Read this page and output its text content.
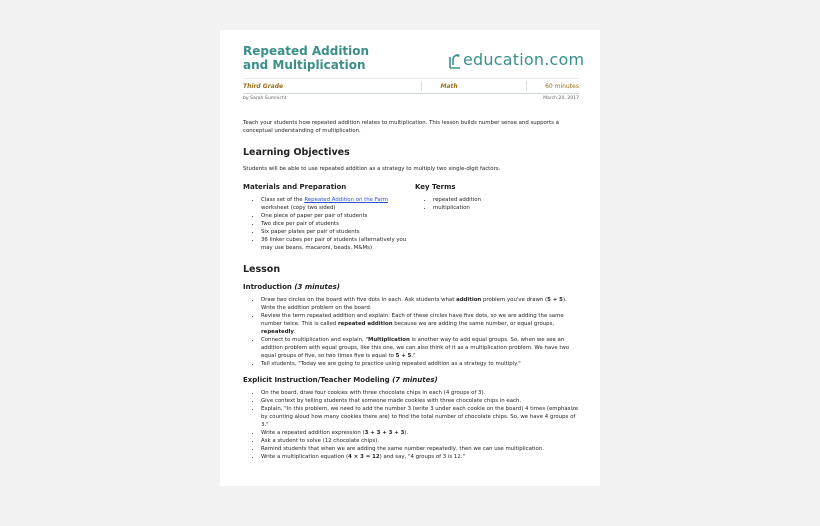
Repeated Addition and Multiplication	education.com
Third Grade	Math	60 minutes
by Sarah Sumnicht	March 20, 2017

Teach your students how repeated addition relates to multiplication. This lesson builds number sense and supports a conceptual understanding of multiplication.

Learning Objectives

Students will be able to use repeated addition as a strategy to multiply two single-digit factors.

Materials and Preparation
• Class set of the Repeated Addition on the Farm worksheet (copy two sided)
• One piece of paper per pair of students
• Two dice per pair of students
• Six paper plates per pair of students
• 36 linker cubes per pair of students (alternatively you may use beans, macaroni, beads, M&Ms)
Key Terms
• repeated addition
• multiplication
Lesson
Introduction (3 minutes)
• Draw two circles on the board with five dots in each. Ask students what addition problem you've drawn (5 + 5). Write the addition problem on the board.
• Review the term repeated addition and explain: Each of these circles have five dots, so we are adding the same number twice. This is called repeated addition because we are adding the same number, or equal groups, repeatedly.
• Connect to multiplication and explain, "Multiplication is another way to add equal groups. So, when we see an addition problem with equal groups, like this one, we can also think of it as a multiplication problem. We have two equal groups of five, so two times five is equal to 5 + 5."
• Tell students, "Today we are going to practice using repeated addition as a strategy to multiply."
Explicit Instruction/Teacher Modeling (7 minutes)
• On the board, draw four cookies with three chocolate chips in each (4 groups of 3).
• Give context by telling students that someone made cookies with three chocolate chips in each.
• Explain, "In this problem, we need to add the number 3 (write 3 under each cookie on the board) 4 times (emphasize by counting aloud how many cookies there are) to find the total number of chocolate chips. So, we have 4 groups of 3."
• Write a repeated addition expression (3 + 3 + 3 + 3).
• Ask a student to solve (12 chocolate chips).
• Remind students that when we are adding the same number repeatedly, then we can use multiplication.
• Write a multiplication equation (4 × 3 = 12) and say, "4 groups of 3 is 12."
